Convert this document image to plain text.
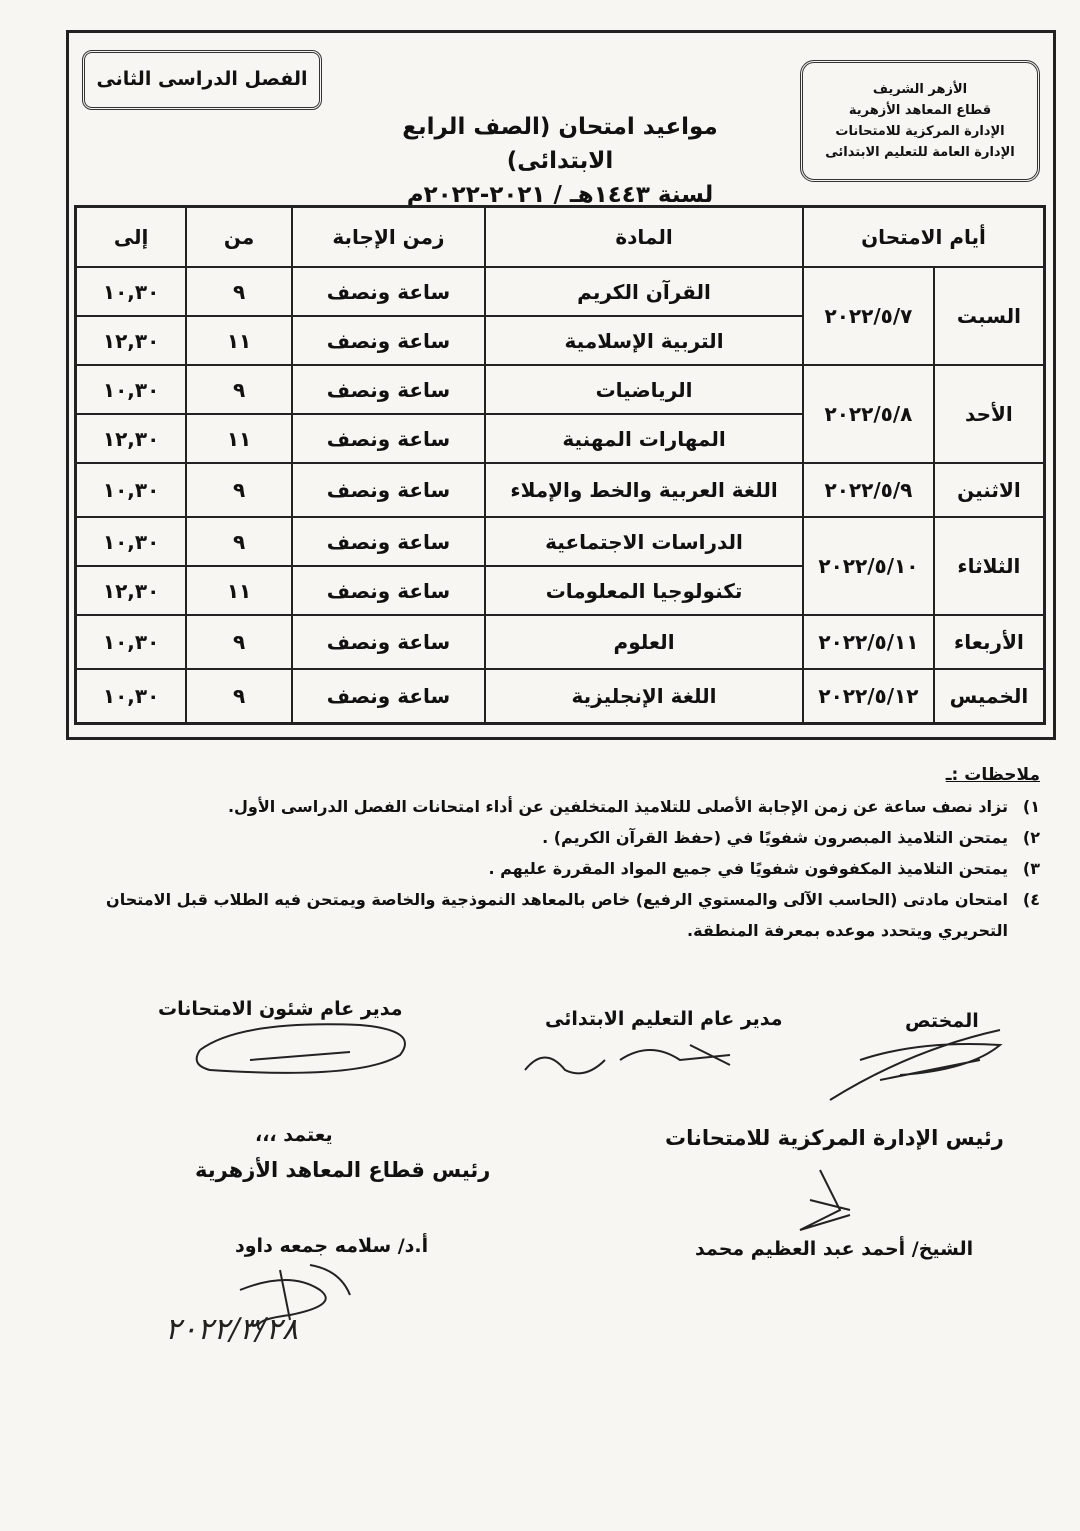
الأزهر الشريف
قطاع المعاهد الأزهرية
الإدارة المركزية للامتحانات
الإدارة العامة للتعليم الابتدائى
الفصل الدراسى الثانى
مواعيد امتحان (الصف الرابع الابتدائى)
لسنة ١٤٤٣هـ / ٢٠٢١-٢٠٢٢م
أيام الامتحان		المادة	زمن الإجابة	من	إلى
السبت	٢٠٢٢/٥/٧	القرآن الكريم	ساعة ونصف	٩	١٠,٣٠
		التربية الإسلامية	ساعة ونصف	١١	١٢,٣٠
الأحد	٢٠٢٢/٥/٨	الرياضيات	ساعة ونصف	٩	١٠,٣٠
		المهارات المهنية	ساعة ونصف	١١	١٢,٣٠
الاثنين	٢٠٢٢/٥/٩	اللغة العربية والخط والإملاء	ساعة ونصف	٩	١٠,٣٠
الثلاثاء	٢٠٢٢/٥/١٠	الدراسات الاجتماعية	ساعة ونصف	٩	١٠,٣٠
		تكنولوجيا المعلومات	ساعة ونصف	١١	١٢,٣٠
الأربعاء	٢٠٢٢/٥/١١	العلوم	ساعة ونصف	٩	١٠,٣٠
الخميس	٢٠٢٢/٥/١٢	اللغة الإنجليزية	ساعة ونصف	٩	١٠,٣٠
ملاحظات :ـ
١)
تزاد نصف ساعة عن زمن الإجابة الأصلى للتلاميذ المتخلفين عن أداء امتحانات الفصل الدراسى الأول.
٢)
يمتحن التلاميذ المبصرون شفويًا في (حفظ القرآن الكريم) .
٣)
يمتحن التلاميذ المكفوفون شفويًا في جميع المواد المقررة عليهم .
٤)
امتحان مادتى (الحاسب الآلى والمستوي الرفيع) خاص بالمعاهد النموذجية والخاصة ويمتحن فيه الطلاب قبل الامتحان التحريري ويتحدد موعده بمعرفة المنطقة.
مدير عام شئون الامتحانات	مدير عام التعليم الابتدائى	المختص
يعتمد ،،،
رئيس قطاع المعاهد الأزهرية
رئيس الإدارة المركزية للامتحانات
أ.د/ سلامه جمعه داود	الشيخ/ أحمد عبد العظيم محمد
٢٠٢٢/٣/٢٨
